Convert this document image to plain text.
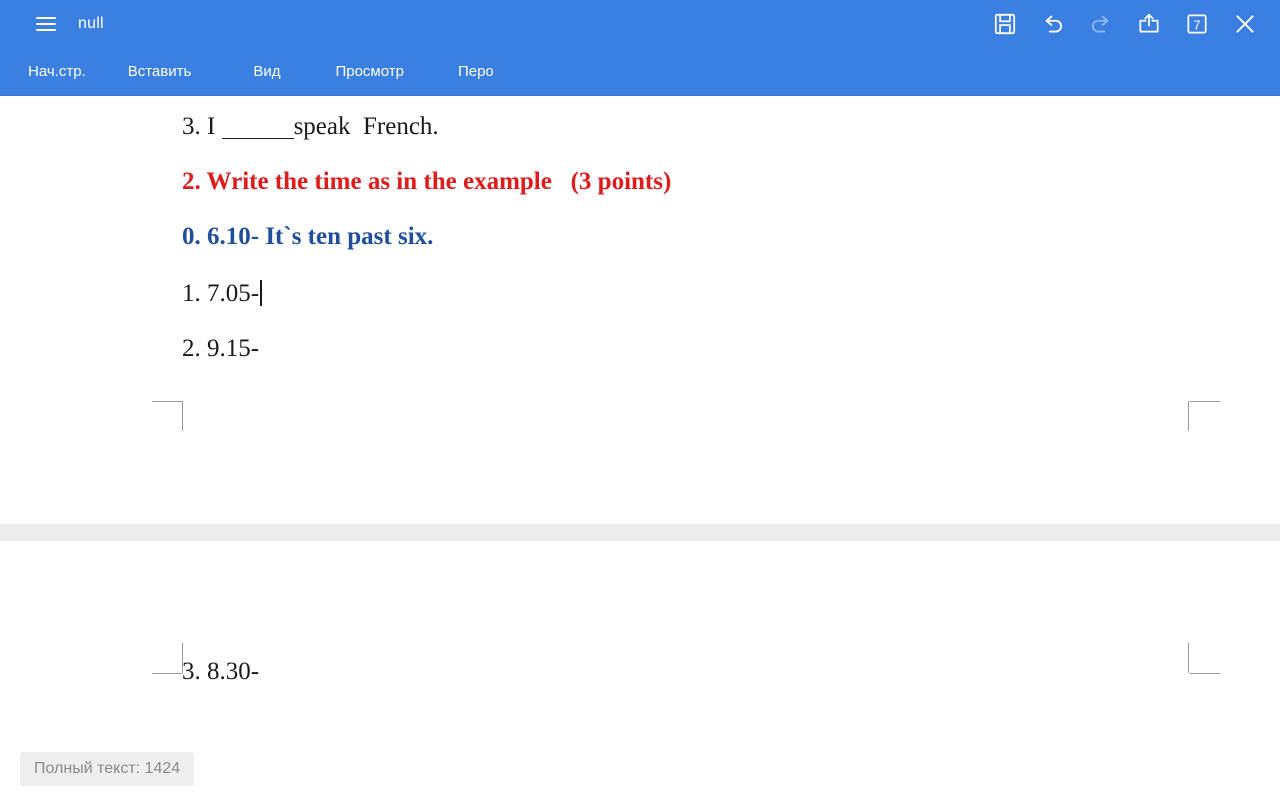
null	7
Нач.стр.	Вставить	Вид	Просмотр	Перо
3. I	speak  French.
2. Write the time as in the example   (3 points)
0. 6.10- It`s ten past six.
1. 7.05-
2. 9.15-
3. 8.30-
Полный текст: 1424
